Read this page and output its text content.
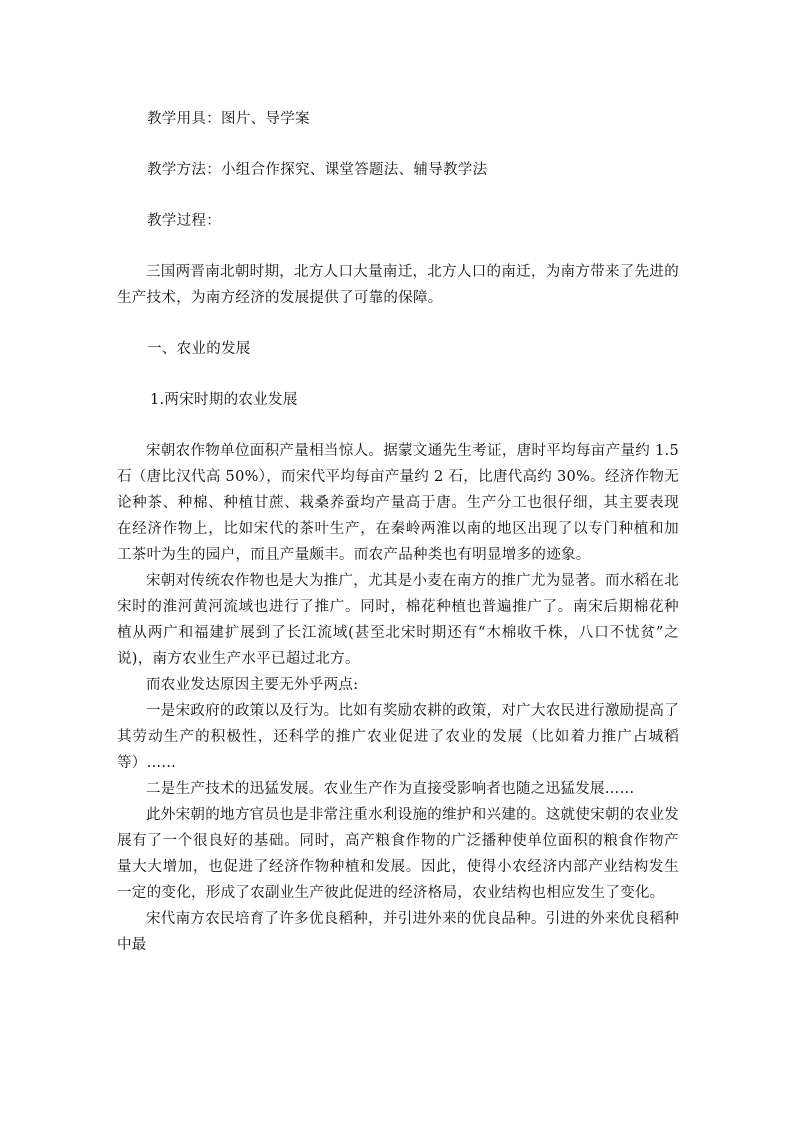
教学用具：图片、导学案

教学方法：小组合作探究、课堂答题法、辅导教学法

教学过程：

三国两晋南北朝时期，北方人口大量南迁，北方人口的南迁，为南方带来了先进的生产技术，为南方经济的发展提供了可靠的保障。

一、农业的发展

1.两宋时期的农业发展

宋朝农作物单位面积产量相当惊人。据蒙文通先生考证，唐时平均每亩产量约 1.5 石（唐比汉代高 50%），而宋代平均每亩产量约 2 石，比唐代高约 30%。经济作物无论种茶、种棉、种植甘蔗、栽桑养蚕均产量高于唐。生产分工也很仔细，其主要表现在经济作物上，比如宋代的茶叶生产，在秦岭两淮以南的地区出现了以专门种植和加工茶叶为生的园户，而且产量颇丰。而农产品种类也有明显增多的迹象。

宋朝对传统农作物也是大为推广，尤其是小麦在南方的推广尤为显著。而水稻在北宋时的淮河黄河流域也进行了推广。同时，棉花种植也普遍推广了。南宋后期棉花种植从两广和福建扩展到了长江流域(甚至北宋时期还有“木棉收千株，八口不忧贫”之说)，南方农业生产水平已超过北方。

而农业发达原因主要无外乎两点:

一是宋政府的政策以及行为。比如有奖励农耕的政策，对广大农民进行激励提高了其劳动生产的积极性，还科学的推广农业促进了农业的发展（比如着力推广占城稻等）……

二是生产技术的迅猛发展。农业生产作为直接受影响者也随之迅猛发展……

此外宋朝的地方官员也是非常注重水利设施的维护和兴建的。这就使宋朝的农业发展有了一个很良好的基础。同时，高产粮食作物的广泛播种使单位面积的粮食作物产量大大增加，也促进了经济作物种植和发展。因此，使得小农经济内部产业结构发生一定的变化，形成了农副业生产彼此促进的经济格局，农业结构也相应发生了变化。

宋代南方农民培育了许多优良稻种，并引进外来的优良品种。引进的外来优良稻种中最
